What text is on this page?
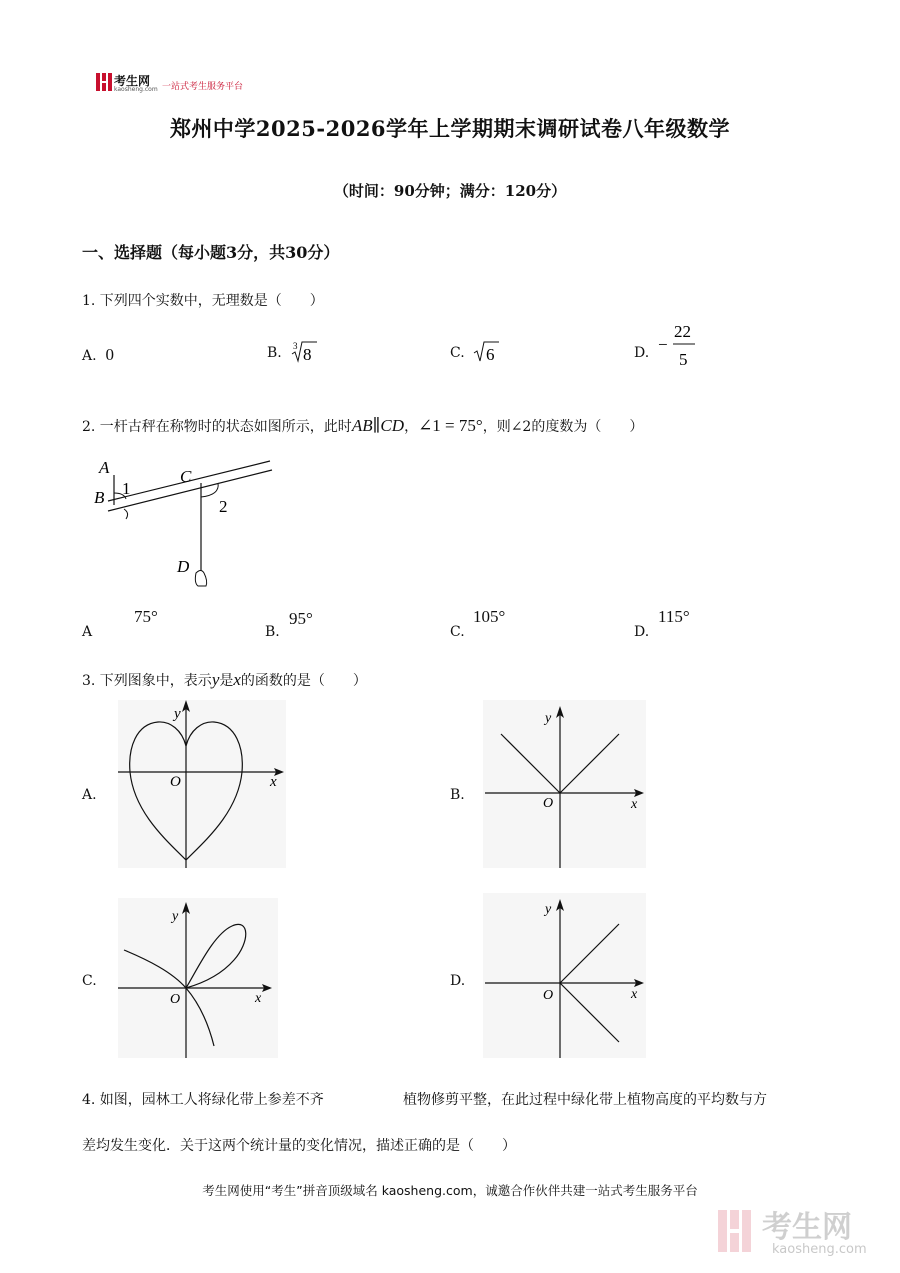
考生网
kaosheng.com 一站式考生服务平台
郑州中学2025-2026学年上学期期末调研试卷八年级数学
（时间：90分钟；满分：120分）
一、选择题（每小题3分，共30分）
1. 下列四个实数中，无理数是（　　）
A. 0	B. 3 8	C. 6	D. −
22
5
2. 一杆古秤在称物时的状态如图所示，此时AB∥CD，∠1 = 75°，则∠2的度数为（　　）
A
B
C
D
1
2
A
75°
B.
95°
C.
105°
D.
115°
3. 下列图象中，表示y是x的函数的是（　　）
A.
y
x
O
B.
y
x
O
C.
y
x
O
D.
y
x
O
4. 如图，园林工人将绿化带上参差不齐	植物修剪平整，在此过程中绿化带上植物高度的平均数与方
差均发生变化．关于这两个统计量的变化情况，描述正确的是（　　）
考生网使用“考生”拼音顶级域名 kaosheng.com，诚邀合作伙伴共建一站式考生服务平台
考生网
kaosheng.com
